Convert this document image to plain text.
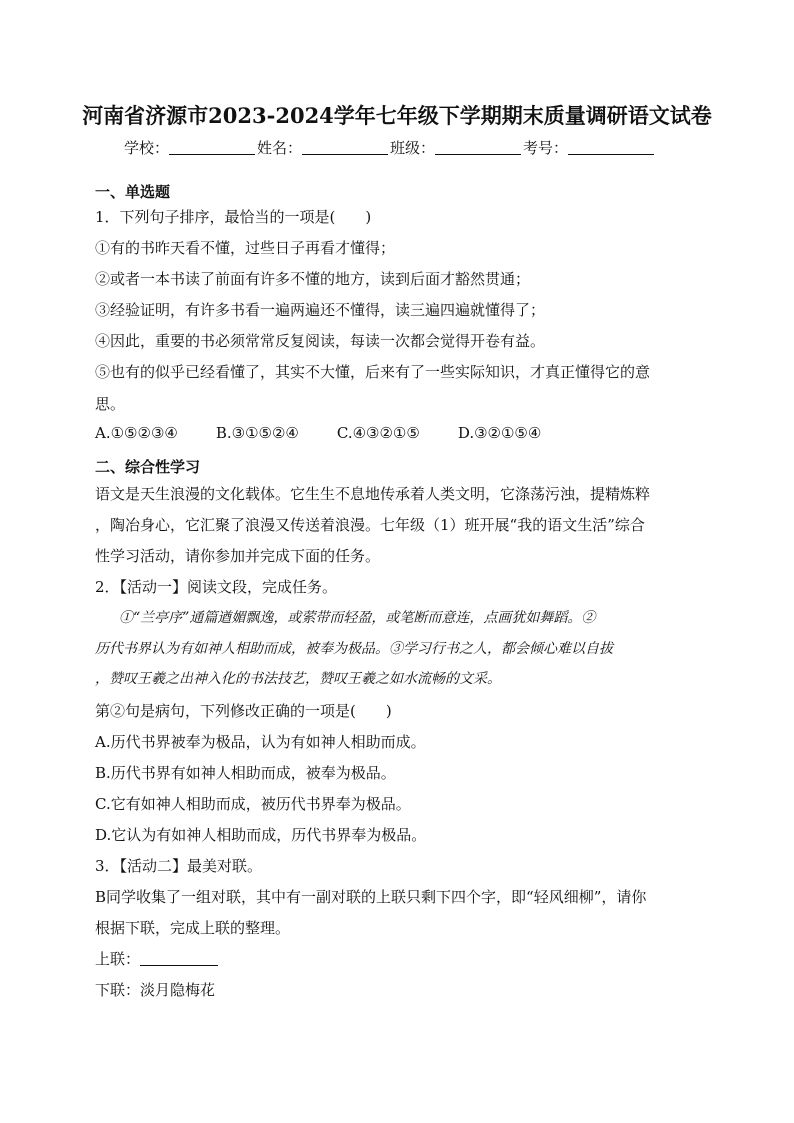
河南省济源市2023-2024学年七年级下学期期末质量调研语文试卷
学校：	姓名：	班级：	考号：
一、单选题
1．下列句子排序，最恰当的一项是(　　)
①有的书昨天看不懂，过些日子再看才懂得；
②或者一本书读了前面有许多不懂的地方，读到后面才豁然贯通；
③经验证明，有许多书看一遍两遍还不懂得，读三遍四遍就懂得了；
④因此，重要的书必须常常反复阅读，每读一次都会觉得开卷有益。
⑤也有的似乎已经看懂了，其实不大懂，后来有了一些实际知识，才真正懂得它的意
思。
A.①⑤②③④	B.③①⑤②④	C.④③②①⑤	D.③②①⑤④
二、综合性学习
语文是天生浪漫的文化载体。它生生不息地传承着人类文明，它涤荡污浊，提精炼粹
，陶冶身心，它汇聚了浪漫又传送着浪漫。七年级（1）班开展“我的语文生活”综合
性学习活动，请你参加并完成下面的任务。
2．【活动一】阅读文段，完成任务。
①“兰亭序”通篇遒媚飘逸，或萦带而轻盈，或笔断而意连，点画犹如舞蹈。②
历代书界认为有如神人相助而成，被奉为极品。③学习行书之人，都会倾心难以自拔
，赞叹王羲之出神入化的书法技艺，赞叹王羲之如水流畅的文采。
第②句是病句，下列修改正确的一项是(　　)
A.历代书界被奉为极品，认为有如神人相助而成。
B.历代书界有如神人相助而成，被奉为极品。
C.它有如神人相助而成，被历代书界奉为极品。
D.它认为有如神人相助而成，历代书界奉为极品。
3．【活动二】最美对联。
B同学收集了一组对联，其中有一副对联的上联只剩下四个字，即“轻风细柳”，请你
根据下联，完成上联的整理。
上联：
下联：淡月隐梅花
